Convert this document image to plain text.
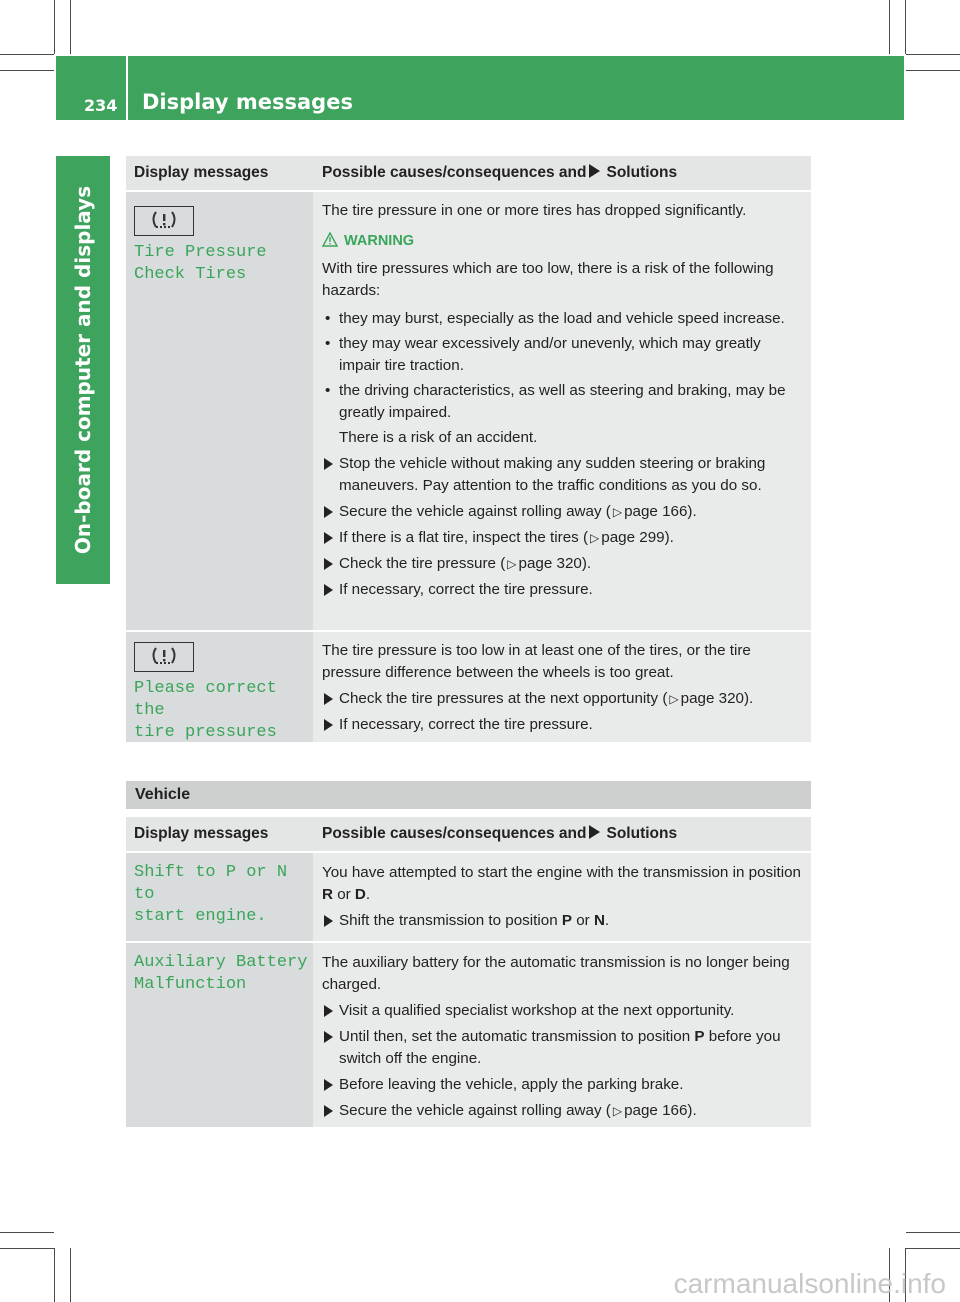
234 Display messages
On-board computer and displays
Display messages	Possible causes/consequences and Solutions
Tire Pressure
Check Tires

The tire pressure in one or more tires has dropped significantly.

WARNING

With tire pressures which are too low, there is a risk of the following hazards:

• they may burst, especially as the load and vehicle speed increase.

• they may wear excessively and/or unevenly, which may greatly impair tire traction.

• the driving characteristics, as well as steering and braking, may be greatly impaired.

There is a risk of an accident.

Stop the vehicle without making any sudden steering or braking maneuvers. Pay attention to the traffic conditions as you do so.

Secure the vehicle against rolling away ( ▷ page 166).

If there is a flat tire, inspect the tires ( ▷ page 299).

Check the tire pressure ( ▷ page 320).

If necessary, correct the tire pressure.

Please correct the
tire pressures

The tire pressure is too low in at least one of the tires, or the tire pressure difference between the wheels is too great.

Check the tire pressures at the next opportunity ( ▷ page 320).

If necessary, correct the tire pressure.

Vehicle
Display messages	Possible causes/consequences and Solutions
Shift to P or N to
start engine.

You have attempted to start the engine with the transmission in position R or D.

Shift the transmission to position P or N.

Auxiliary Battery
Malfunction

The auxiliary battery for the automatic transmission is no longer being charged.

Visit a qualified specialist workshop at the next opportunity.

Until then, set the automatic transmission to position P before you switch off the engine.

Before leaving the vehicle, apply the parking brake.

Secure the vehicle against rolling away ( ▷ page 166).

carmanualsonline.info
